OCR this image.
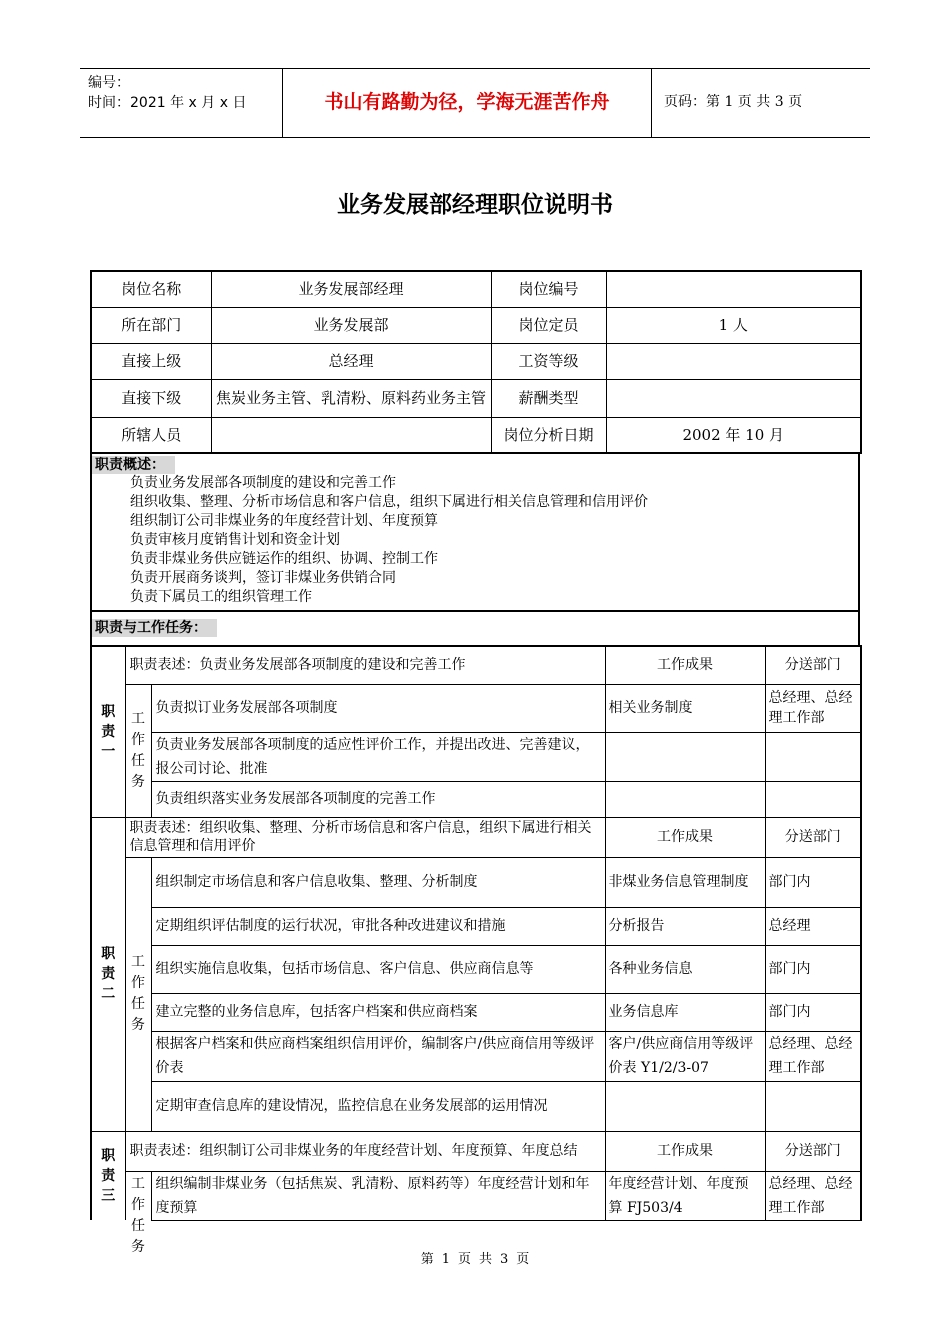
编号：
时间：2021 年 x 月 x 日	书山有路勤为径，学海无涯苦作舟	页码：第 1 页 共 3 页
业务发展部经理职位说明书
岗位名称	业务发展部经理	岗位编号	
所在部门	业务发展部	岗位定员	1 人
直接上级	总经理	工资等级	
直接下级	焦炭业务主管、乳清粉、原料药业务主管	薪酬类型	
所辖人员		岗位分析日期	2002 年 10 月
职责概述：
负责业务发展部各项制度的建设和完善工作
组织收集、整理、分析市场信息和客户信息，组织下属进行相关信息管理和信用评价
组织制订公司非煤业务的年度经营计划、年度预算
负责审核月度销售计划和资金计划
负责非煤业务供应链运作的组织、协调、控制工作
负责开展商务谈判，签订非煤业务供销合同
负责下属员工的组织管理工作
职责与工作任务：
职责一	职责表述：负责业务发展部各项制度的建设和完善工作		工作成果	分送部门

	工作任务	负责拟订业务发展部各项制度	相关业务制度	总经理、总经理工作部
		负责业务发展部各项制度的适应性评价工作，并提出改进、完善建议，报公司讨论、批准		
		负责组织落实业务发展部各项制度的完善工作		

职责二	职责表述：组织收集、整理、分析市场信息和客户信息，组织下属进行相关信息管理和信用评价		工作成果	分送部门

	工作任务	组织制定市场信息和客户信息收集、整理、分析制度	非煤业务信息管理制度	部门内
		定期组织评估制度的运行状况，审批各种改进建议和措施	分析报告	总经理
		组织实施信息收集，包括市场信息、客户信息、供应商信息等	各种业务信息	部门内
		建立完整的业务信息库，包括客户档案和供应商档案	业务信息库	部门内
		根据客户档案和供应商档案组织信用评价，编制客户/供应商信用等级评价表	客户/供应商信用等级评价表 Y1/2/3-07	总经理、总经理工作部
		定期审查信息库的建设情况，监控信息在业务发展部的运用情况		

职责三	职责表述：组织制订公司非煤业务的年度经营计划、年度预算、年度总结		工作成果	分送部门

	工作任务	组织编制非煤业务（包括焦炭、乳清粉、原料药等）年度经营计划和年度预算	年度经营计划、年度预算 FJ503/4	总经理、总经理工作部
第 1 页 共 3 页
